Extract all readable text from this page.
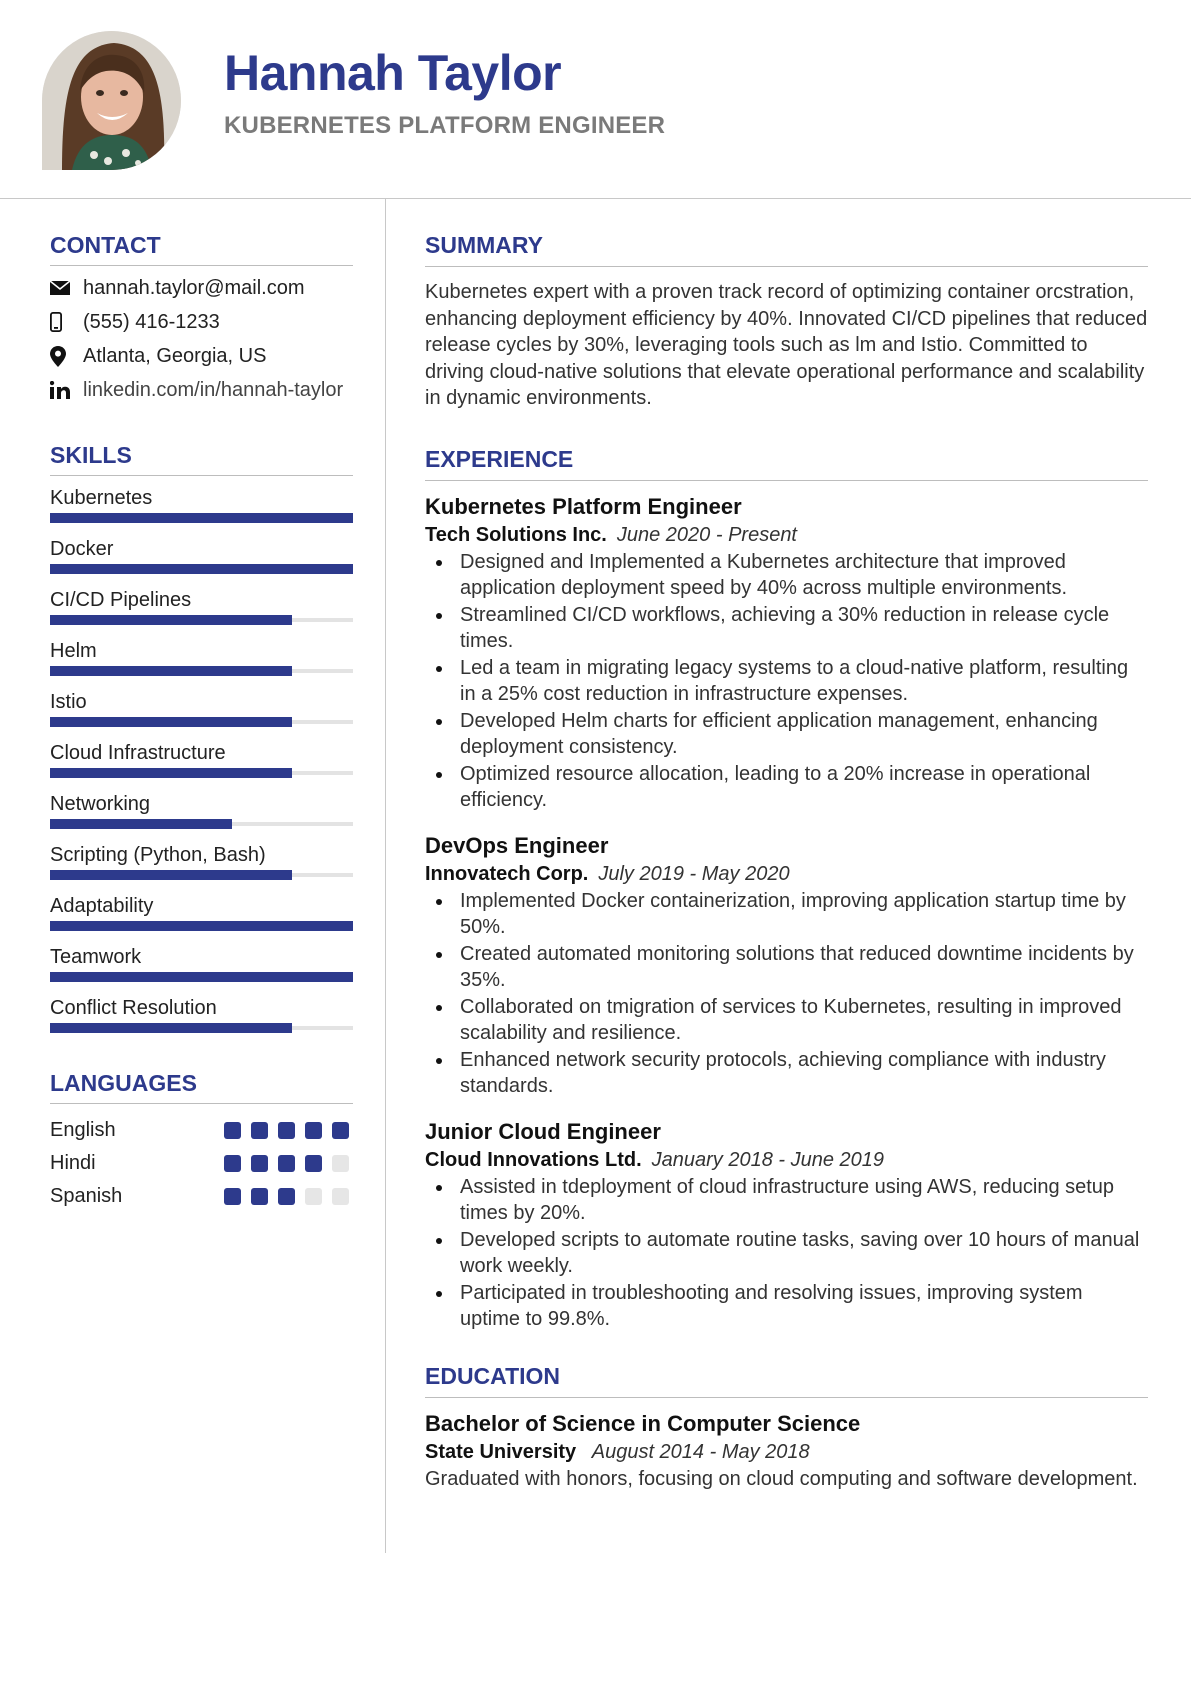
Hannah Taylor
KUBERNETES PLATFORM ENGINEER
CONTACT
hannah.taylor@mail.com
(555) 416-1233
Atlanta, Georgia, US
linkedin.com/in/hannah-taylor
SKILLS
Kubernetes
Docker
CI/CD Pipelines
Helm
Istio
Cloud Infrastructure
Networking
Scripting (Python, Bash)
Adaptability
Teamwork
Conflict Resolution
LANGUAGES
English
Hindi
Spanish
SUMMARY

Kubernetes expert with a proven track record of optimizing container orcstration, enhancing deployment efficiency by 40%. Innovated CI/CD pipelines that reduced release cycles by 30%, leveraging tools such as lm and Istio. Committed to driving cloud-native solutions that elevate operational performance and scalability in dynamic environments.

EXPERIENCE
Kubernetes Platform Engineer
Tech Solutions Inc. June 2020 - Present
Designed and Implemented a Kubernetes architecture that improved application deployment speed by 40% across multiple environments.
Streamlined CI/CD workflows, achieving a 30% reduction in release cycle times.
Led a team in migrating legacy systems to a cloud-native platform, resulting in a 25% cost reduction in infrastructure expenses.
Developed Helm charts for efficient application management, enhancing deployment consistency.
Optimized resource allocation, leading to a 20% increase in operational efficiency.
DevOps Engineer
Innovatech Corp. July 2019 - May 2020
Implemented Docker containerization, improving application startup time by 50%.
Created automated monitoring solutions that reduced downtime incidents by 35%.
Collaborated on tmigration of services to Kubernetes, resulting in improved scalability and resilience.
Enhanced network security protocols, achieving compliance with industry standards.
Junior Cloud Engineer
Cloud Innovations Ltd. January 2018 - June 2019
Assisted in tdeployment of cloud infrastructure using AWS, reducing setup times by 20%.
Developed scripts to automate routine tasks, saving over 10 hours of manual work weekly.
Participated in troubleshooting and resolving issues, improving system uptime to 99.8%.
EDUCATION
Bachelor of Science in Computer Science
State University August 2014 - May 2018
Graduated with honors, focusing on cloud computing and software development.
